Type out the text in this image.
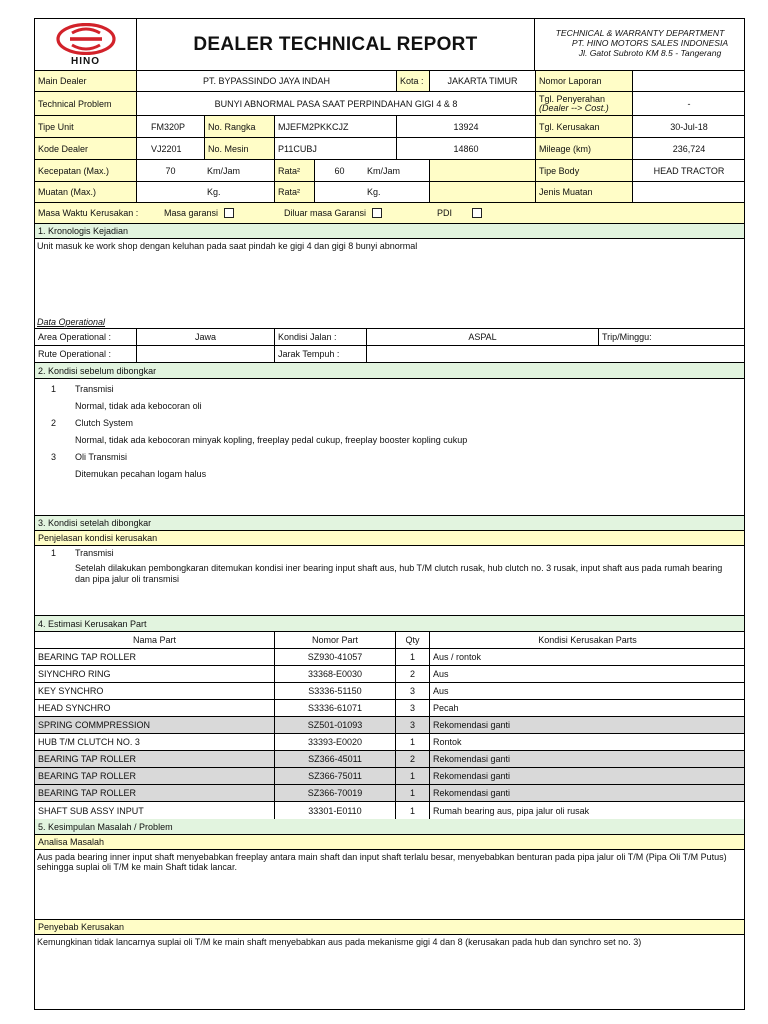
HINO
DEALER TECHNICAL REPORT
TECHNICAL & WARRANTY DEPARTMENT
PT. HINO MOTORS SALES INDONESIA
Jl. Gatot Subroto KM 8.5 - Tangerang
Main Dealer	PT. BYPASSINDO JAYA INDAH	Kota :	JAKARTA TIMUR	Nomor Laporan
Technical Problem	BUNYI ABNORMAL PASA SAAT PERPINDAHAN GIGI 4 & 8	Tgl. Penyerahan
(Dealer --> Cost.)	-
Tipe Unit	FM320P	No. Rangka	MJEFM2PKKCJZ	13924	Tgl. Kerusakan	30-Jul-18
Kode Dealer	VJ2201	No. Mesin	P11CUBJ	14860	Mileage (km)	236,724
Kecepatan (Max.)	70	Km/Jam	Rata²	60	Km/Jam	Tipe Body	HEAD TRACTOR
Muatan (Max.)	Kg.	Rata²	Kg.	Jenis Muatan
Masa Waktu Kerusakan :	Masa garansi	Diluar masa Garansi	PDI
1. Kronologis Kejadian
Unit masuk ke work shop dengan keluhan pada saat pindah ke gigi 4 dan gigi 8 bunyi abnormal
Data Operational
Area Operational :	Jawa	Kondisi Jalan :	ASPAL	Trip/Minggu:
Rute Operational :	Jarak Tempuh :
2. Kondisi sebelum dibongkar
1 Transmisi
Normal, tidak ada kebocoran oli
2 Clutch System
Normal, tidak ada kebocoran minyak kopling, freeplay pedal cukup, freeplay booster kopling cukup
3 Oli Transmisi
Ditemukan pecahan logam halus
3. Kondisi setelah dibongkar
Penjelasan kondisi kerusakan
1 Transmisi
Setelah dilakukan pembongkaran ditemukan kondisi iner bearing input shaft aus, hub T/M clutch rusak, hub clutch no. 3 rusak, input shaft aus pada rumah bearing dan pipa jalur oli transmisi
4. Estimasi Kerusakan Part
Nama Part	Nomor Part	Qty	Kondisi Kerusakan Parts
BEARING TAP ROLLER	SZ930-41057	1	Aus / rontok
SIYNCHRO RING	33368-E0030	2	Aus
KEY SYNCHRO	S3336-51150	3	Aus
HEAD SYNCHRO	S3336-61071	3	Pecah
SPRING COMMPRESSION	SZ501-01093	3	Rekomendasi ganti
HUB T/M CLUTCH NO. 3	33393-E0020	1	Rontok
BEARING TAP ROLLER	SZ366-45011	2	Rekomendasi ganti
BEARING TAP ROLLER	SZ366-75011	1	Rekomendasi ganti
BEARING TAP ROLLER	SZ366-70019	1	Rekomendasi ganti
SHAFT SUB ASSY INPUT	33301-E0110	1	Rumah bearing aus, pipa jalur oli rusak
5. Kesimpulan Masalah / Problem
Analisa Masalah
Aus pada bearing inner input shaft menyebabkan freeplay antara main shaft dan input shaft terlalu besar, menyebabkan benturan pada pipa jalur oli T/M (Pipa Oli T/M Putus) sehingga suplai oli T/M ke main Shaft tidak lancar.
Penyebab Kerusakan
Kemungkinan tidak lancarnya suplai oli T/M ke main shaft menyebabkan aus pada mekanisme gigi 4 dan 8 (kerusakan pada hub dan synchro set no. 3)
